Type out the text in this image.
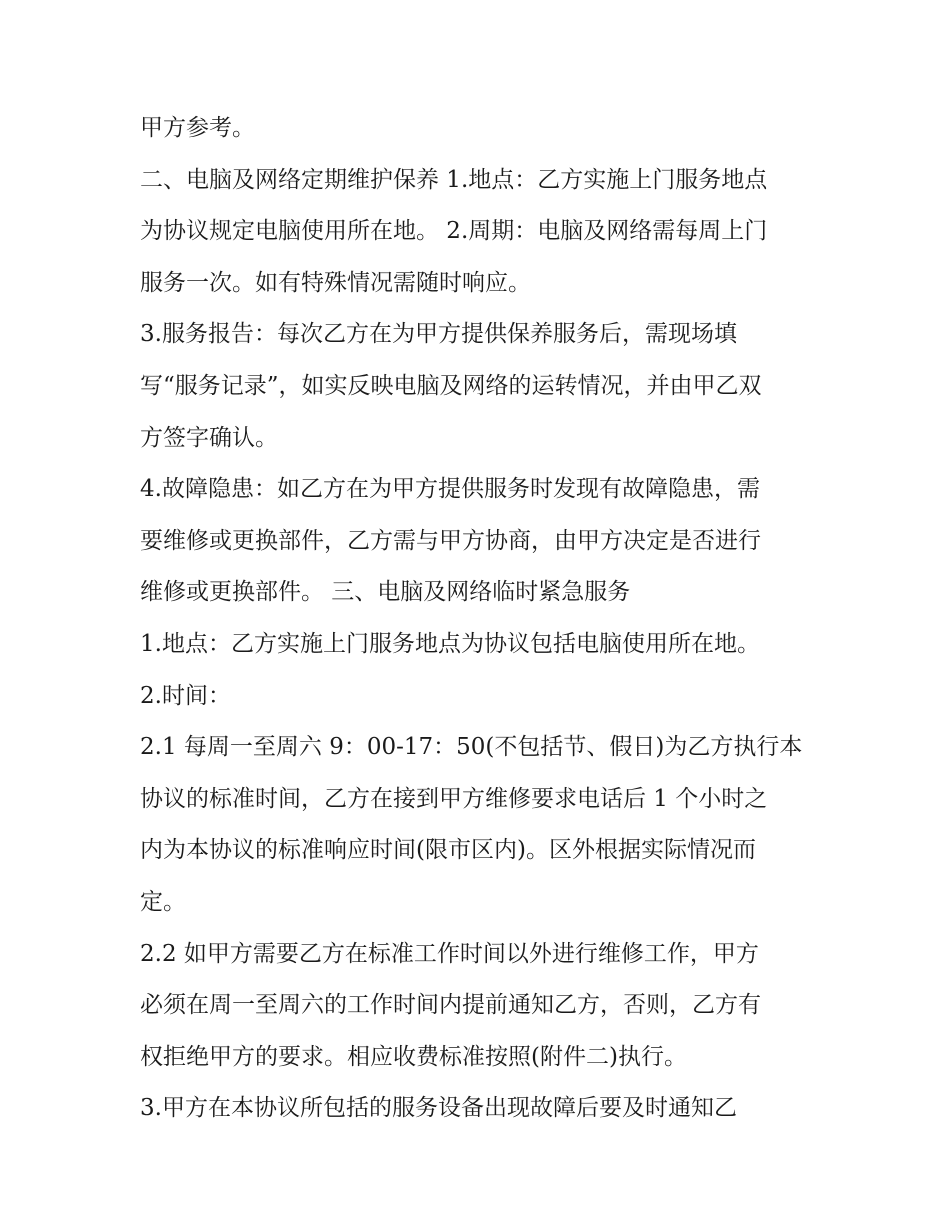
甲方参考。
二、电脑及网络定期维护保养 1.地点：乙方实施上门服务地点
为协议规定电脑使用所在地。 2.周期：电脑及网络需每周上门
服务一次。如有特殊情况需随时响应。
3.服务报告：每次乙方在为甲方提供保养服务后，需现场填
写“服务记录”，如实反映电脑及网络的运转情况，并由甲乙双
方签字确认。
4.故障隐患：如乙方在为甲方提供服务时发现有故障隐患，需
要维修或更换部件，乙方需与甲方协商，由甲方决定是否进行
维修或更换部件。 三、电脑及网络临时紧急服务
1.地点：乙方实施上门服务地点为协议包括电脑使用所在地。
2.时间：
2.1 每周一至周六 9：00-17：50(不包括节、假日)为乙方执行本
协议的标准时间，乙方在接到甲方维修要求电话后 1 个小时之
内为本协议的标准响应时间(限市区内)。区外根据实际情况而
定。
2.2 如甲方需要乙方在标准工作时间以外进行维修工作，甲方
必须在周一至周六的工作时间内提前通知乙方，否则，乙方有
权拒绝甲方的要求。相应收费标准按照(附件二)执行。
3.甲方在本协议所包括的服务设备出现故障后要及时通知乙
